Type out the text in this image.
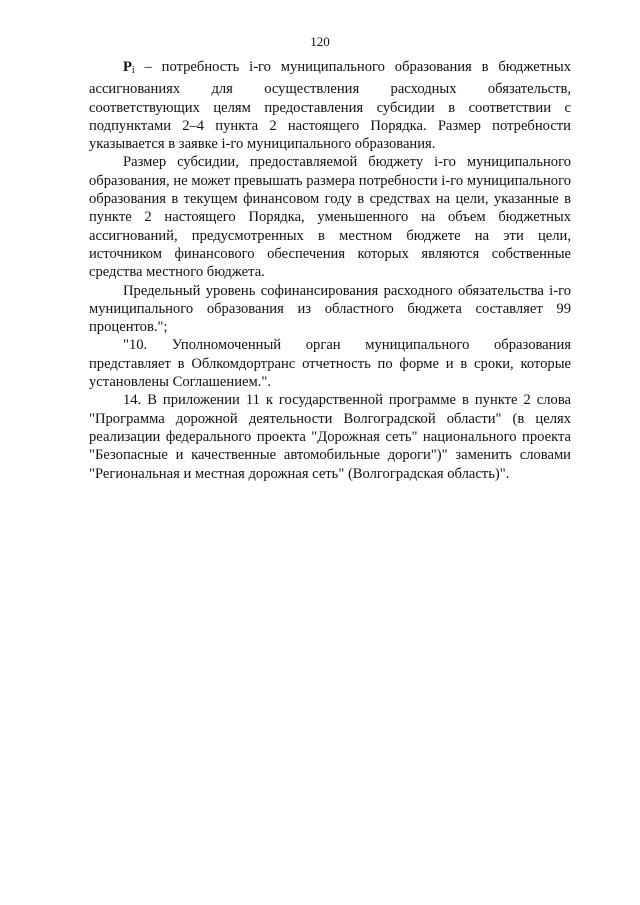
120

$P_i$ – потребность i-го муниципального образования в бюджетных ассигнованиях для осуществления расходных обязательств, соответствующих целям предоставления субсидии в соответствии с подпунктами 2–4 пункта 2 настоящего Порядка. Размер потребности указывается в заявке i-го муниципального образования.

Размер субсидии, предоставляемой бюджету i-го муниципального образования, не может превышать размера потребности i-го муниципального образования в текущем финансовом году в средствах на цели, указанные в пункте 2 настоящего Порядка, уменьшенного на объем бюджетных ассигнований, предусмотренных в местном бюджете на эти цели, источником финансового обеспечения которых являются собственные средства местного бюджета.

Предельный уровень софинансирования расходного обязательства i-го муниципального образования из областного бюджета составляет 99 процентов.";

"10. Уполномоченный орган муниципального образования представляет в Облкомдортранс отчетность по форме и в сроки, которые установлены Соглашением.".

14. В приложении 11 к государственной программе в пункте 2 слова "Программа дорожной деятельности Волгоградской области" (в целях реализации федерального проекта "Дорожная сеть" национального проекта "Безопасные и качественные автомобильные дороги")" заменить словами "Региональная и местная дорожная сеть" (Волгоградская область)".
